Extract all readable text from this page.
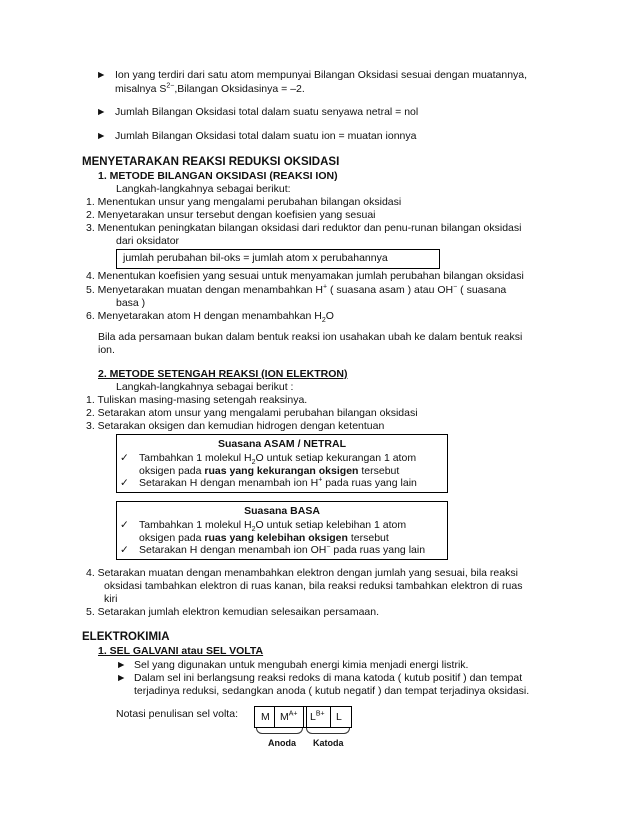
► Ion yang terdiri dari satu atom mempunyai Bilangan Oksidasi sesuai dengan muatannya,
misalnya $S^{2-},Bilangan$ Oksidasinya = –2.
► Jumlah Bilangan Oksidasi total dalam suatu senyawa netral = nol
► Jumlah Bilangan Oksidasi total dalam suatu ion = muatan ionnya
MENYETARAKAN REAKSI REDUKSI OKSIDASI
1. METODE BILANGAN OKSIDASI (REAKSI ION)
Langkah-langkahnya sebagai berikut:
1. Menentukan unsur yang mengalami perubahan bilangan oksidasi
2. Menyetarakan unsur tersebut dengan koefisien yang sesuai
3. Menentukan peningkatan bilangan oksidasi dari reduktor dan penu-runan bilangan oksidasi
dari oksidator
jumlah perubahan bil-oks = jumlah atom x perubahannya
4. Menentukan koefisien yang sesuai untuk menyamakan jumlah perubahan bilangan oksidasi
5. Menyetarakan muatan dengan menambahkan H+ ( suasana asam ) atau OH− ( suasana
basa )
6. Menyetarakan atom H dengan menambahkan $H_2O$
Bila ada persamaan bukan dalam bentuk reaksi ion usahakan ubah ke dalam bentuk reaksi
ion.
2. METODE SETENGAH REAKSI (ION ELEKTRON)
Langkah-langkahnya sebagai berikut :
1. Tuliskan masing-masing setengah reaksinya.
2. Setarakan atom unsur yang mengalami perubahan bilangan oksidasi
3. Setarakan oksigen dan kemudian hidrogen dengan ketentuan
Suasana ASAM / NETRAL
✓ Tambahkan 1 molekul $H_2O$ untuk setiap kekurangan 1 atom
oksigen pada ruas yang kekurangan oksigen tersebut
✓ Setarakan H dengan menambah ion H+ pada ruas yang lain
Suasana BASA
✓ Tambahkan 1 molekul $H_2O$ untuk setiap kelebihan 1 atom
oksigen pada ruas yang kelebihan oksigen tersebut
✓ Setarakan H dengan menambah ion OH− pada ruas yang lain
4. Setarakan muatan dengan menambahkan elektron dengan jumlah yang sesuai, bila reaksi
oksidasi tambahkan elektron di ruas kanan, bila reaksi reduksi tambahkan elektron di ruas
kiri
5. Setarakan jumlah elektron kemudian selesaikan persamaan.
ELEKTROKIMIA
1. SEL GALVANI atau SEL VOLTA
► Sel yang digunakan untuk mengubah energi kimia menjadi energi listrik.
► Dalam sel ini berlangsung reaksi redoks di mana katoda ( kutub positif ) dan tempat
terjadinya reduksi, sedangkan anoda ( kutub negatif ) dan tempat terjadinya oksidasi.
Notasi penulisan sel volta: M $M^{A+}$ $L^{B+}$ L
Anoda Katoda
